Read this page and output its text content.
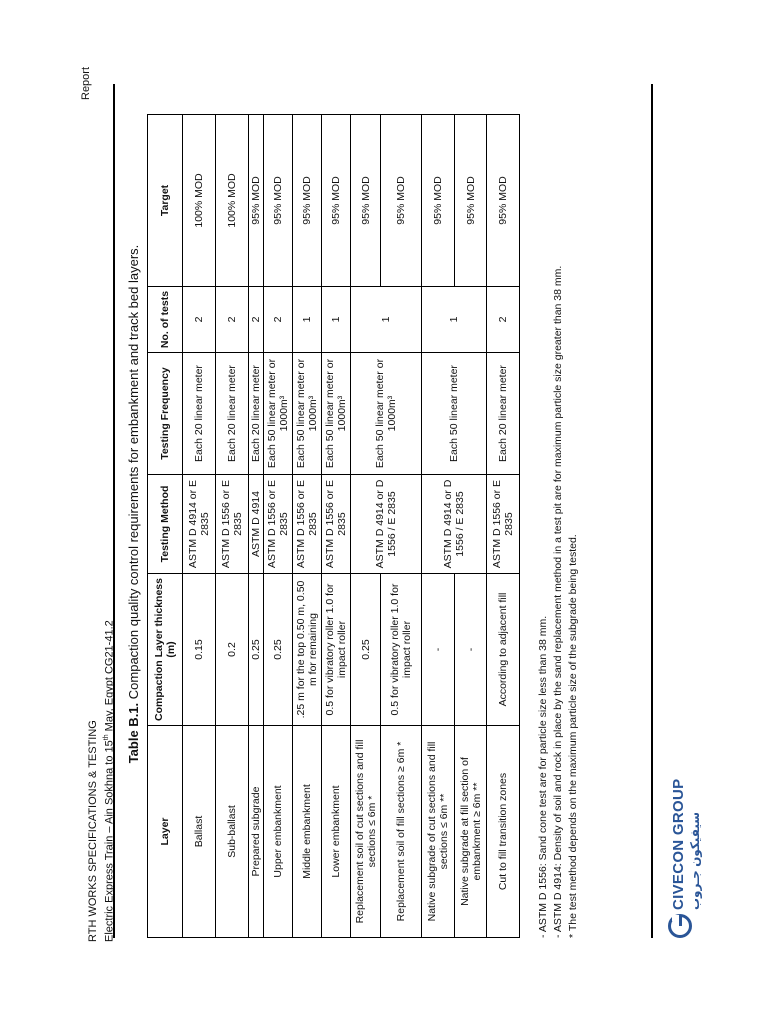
RTH WORKS SPECIFICATIONS & TESTING Electric Express Train – Ain Sokhna to 15th May, Egypt CG21-41.2
Report
Table B.1. Compaction quality control requirements for embankment and track bed layers.
Layer	Compaction Layer thickness (m)	Testing Method	Testing Frequency	No. of tests	Target
Ballast	0.15	ASTM D 4914 or E 2835	Each 20 linear meter	2	100% MOD
Sub-ballast	0.2	ASTM D 1556 or E 2835	Each 20 linear meter	2	100% MOD
Prepared subgrade	0.25	ASTM D 4914	Each 20 linear meter	2	95% MOD
Upper embankment	0.25	ASTM D 1556 or E 2835	Each 50 linear meter or 1000m³	2	95% MOD
Middle embankment	.25 m for the top 0.50 m, 0.50 m for remaining	ASTM D 1556 or E 2835	Each 50 linear meter or 1000m³	1	95% MOD
Lower embankment	0.5 for vibratory roller 1.0 for impact roller	ASTM D 1556 or E 2835	Each 50 linear meter or 1000m³	1	95% MOD
Replacement soil of cut sections and fill sections ≤ 6m *	0.25	ASTM D 4914 or D 1556 / E 2835	Each 50 linear meter or 1000m³	1	95% MOD
Replacement soil of fill sections ≥ 6m *	0.5 for vibratory roller 1.0 for impact roller				95% MOD
Native subgrade of cut sections and fill sections ≤ 6m **	-	ASTM D 4914 or D 1556 / E 2835	Each 50 linear meter	1	95% MOD
Native subgrade at fill section of embankment ≥ 6m **	-				95% MOD
Cut to fill transition zones	According to adjacent fill	ASTM D 1556 or E 2835	Each 20 linear meter	2	95% MOD
- ASTM D 1556: Sand cone test are for particle size less than 38 mm. - ASTM D 4914: Density of soil and rock in place by the sand replacement method in a test pit are for maximum particle size greater than 38 mm. * The test method depends on the maximum particle size of the subgrade being tested.	CIVECON GROUP سيفيكون جـروب
